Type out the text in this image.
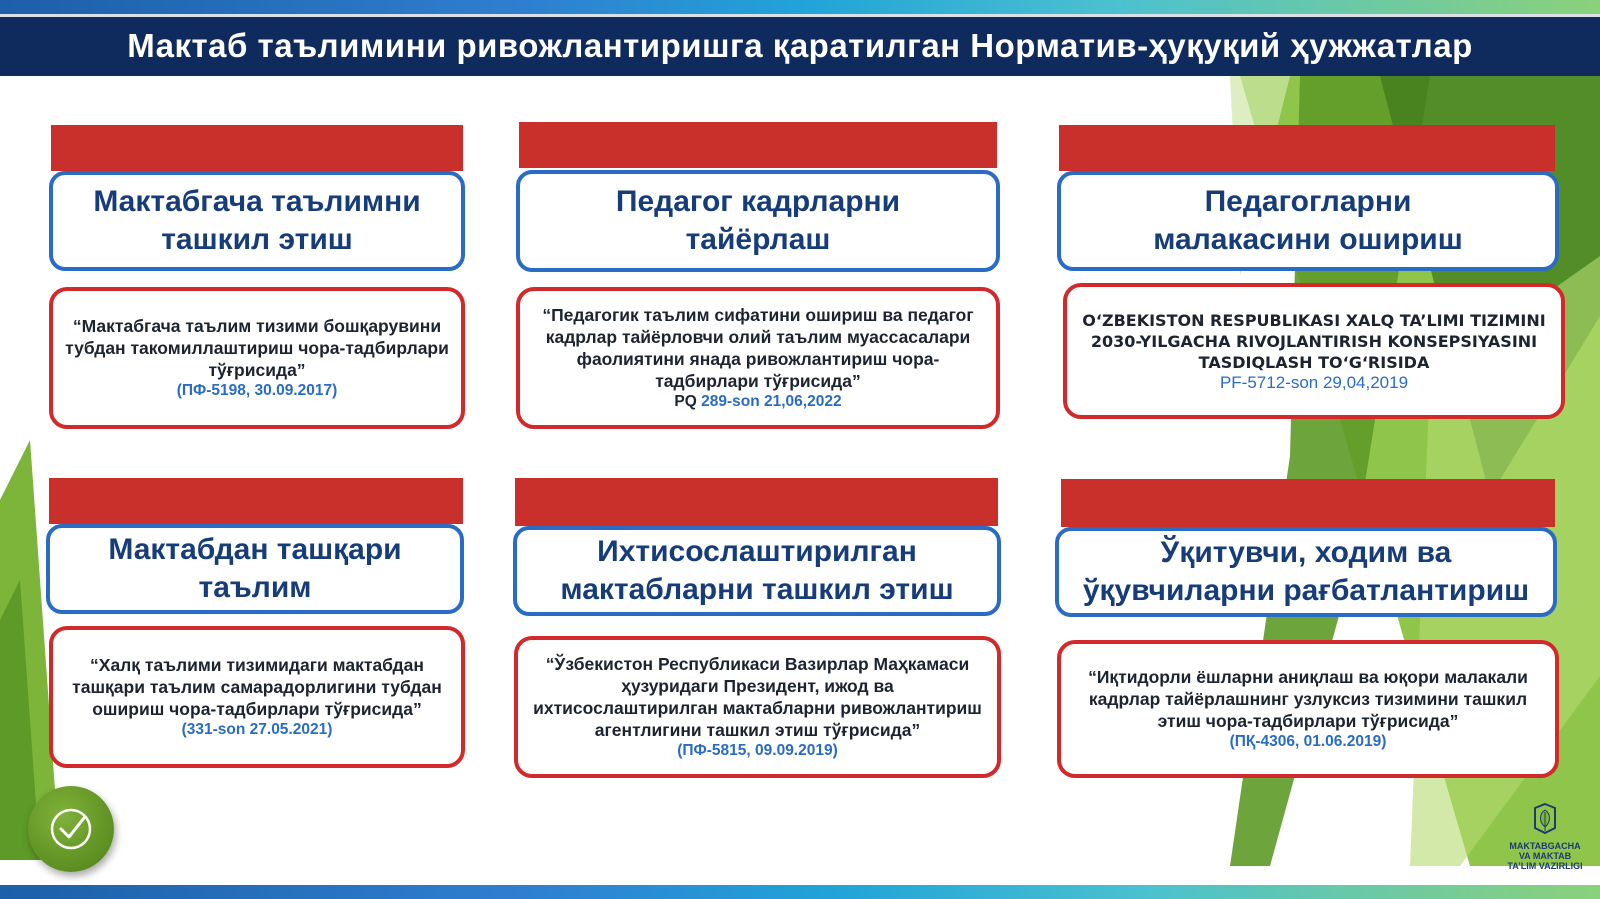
Мактаб таълимини ривожлантиришга қаратилган Норматив-ҳуқуқий ҳужжатлар
Мактабгача таълимни ташкил этиш
“Мактабгача таълим тизими бошқарувини тубдан такомиллаштириш чора-тадбирлари тўғрисида”
(ПФ-5198, 30.09.2017)
Педагог кадрларни тайёрлаш
“Педагогик таълим сифатини ошириш ва педагог кадрлар тайёрловчи олий таълим муассасалари фаолиятини янада ривожлантириш чора-тадбирлари тўғрисида”
PQ 289-son 21,06,2022
Педагогларни малакасини ошириш
O‘ZBEKISTON RESPUBLIKASI XALQ TA’LIMI TIZIMINI 2030-YILGACHA RIVOJLANTIRISH KONSEPSIYASINI TASDIQLASH TO‘G‘RISIDA
PF-5712-son 29,04,2019
Мактабдан ташқари таълим
“Халқ таълими тизимидаги мактабдан ташқари таълим самарадорлигини тубдан ошириш чора-тадбирлари тўғрисида”
(331-son 27.05.2021)
Ихтисослаштирилган мактабларни ташкил этиш
“Ўзбекистон Республикаси Вазирлар Маҳкамаси ҳузуридаги Президент, ижод ва ихтисослаштирилган мактабларни ривожлантириш агентлигини ташкил этиш тўғрисида”
(ПФ-5815, 09.09.2019)
Ўқитувчи, ходим ва ўқувчиларни рағбатлантириш
“Иқтидорли ёшларни аниқлаш ва юқори малакали кадрлар тайёрлашнинг узлуксиз тизимини ташкил этиш чора-тадбирлари тўғрисида”
(ПҚ-4306, 01.06.2019)
MAKTABGACHA
VA MAKTAB
TA’LIM VAZIRLIGI
